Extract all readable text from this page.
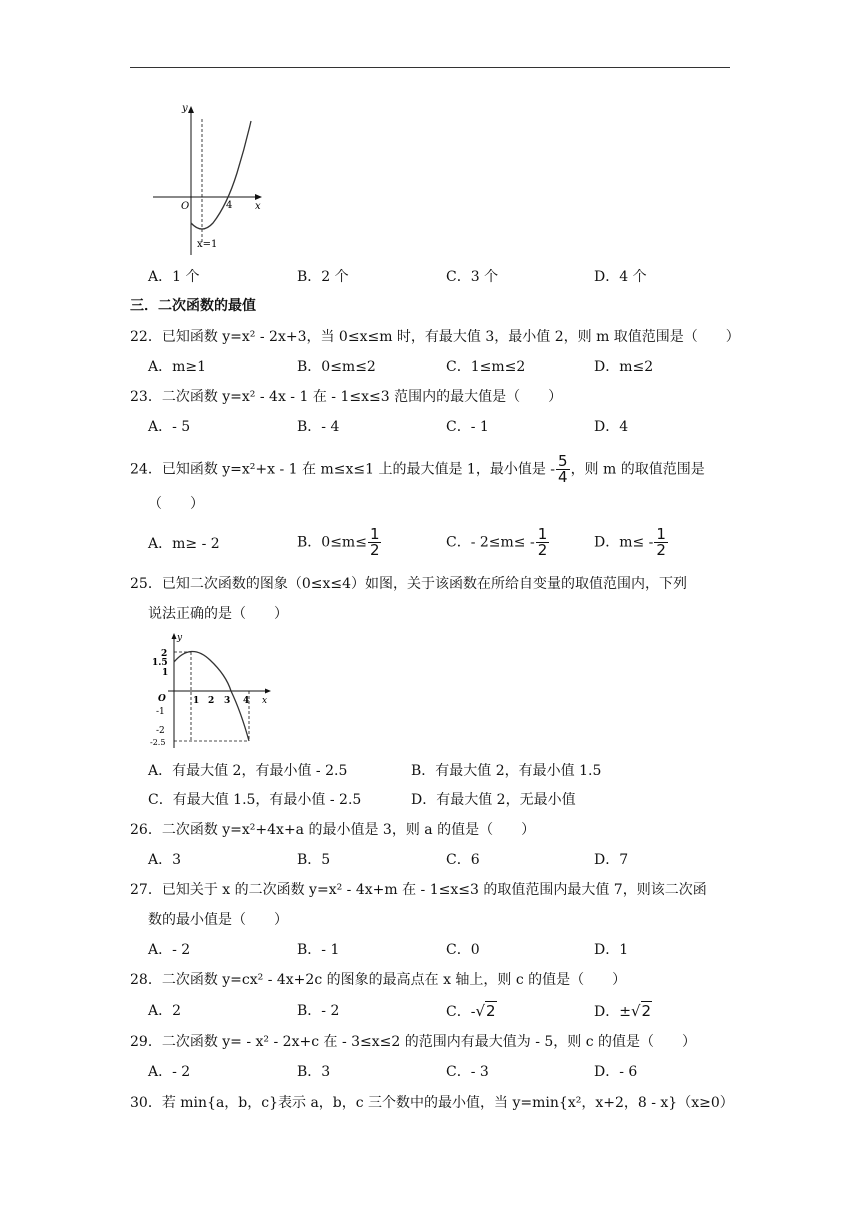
y
x
O	4
x=1
A．1 个	B．2 个	C．3 个	D．4 个
三．二次函数的最值
22．已知函数 y=x² - 2x+3，当 0≤x≤m 时，有最大值 3，最小值 2，则 m 取值范围是（　　）
A．m≥1	B．0≤m≤2	C．1≤m≤2	D．m≤2
23．二次函数 y=x² - 4x - 1 在 - 1≤x≤3 范围内的最大值是（　　）
A．- 5	B．- 4	C．- 1	D．4
24．已知函数 y=x²+x - 1 在 m≤x≤1 上的最大值是 1，最小值是 - $\frac{5}{4}$ ，则 m 的取值范围是
（　　）
A．m≥ - 2	B．$0\le m\le \frac{1}{2}$	C．- $2\le m\le - \frac{1}{2}$	D．$m\le - \frac{1}{2}$
25．已知二次函数的图象（0≤x≤4）如图，关于该函数在所给自变量的取值范围内，下列
说法正确的是（　　）
y
x
O
2
1.5
1
-1
-2
-2.5
1 2 3 4
A．有最大值 2，有最小值 - 2.5	B．有最大值 2，有最小值 1.5
C．有最大值 1.5，有最小值 - 2.5	D．有最大值 2，无最小值
26．二次函数 y=x²+4x+a 的最小值是 3，则 a 的值是（　　）
A．3	B．5	C．6	D．7
27．已知关于 x 的二次函数 y=x² - 4x+m 在 - 1≤x≤3 的取值范围内最大值 7，则该二次函
数的最小值是（　　）
A．- 2	B．- 1	C．0	D．1
28．二次函数 y=cx² - 4x+2c 的图象的最高点在 x 轴上，则 c 的值是（　　）
A．2	B．- 2	C．-√2	D．±√2
29．二次函数 y= - x² - 2x+c 在 - 3≤x≤2 的范围内有最大值为 - 5，则 c 的值是（　　）
A．- 2	B．3	C．- 3	D．- 6
30．若 min{a，b，c}表示 a，b，c 三个数中的最小值，当 y=min{x²，x+2，8 - x}（x≥0）
